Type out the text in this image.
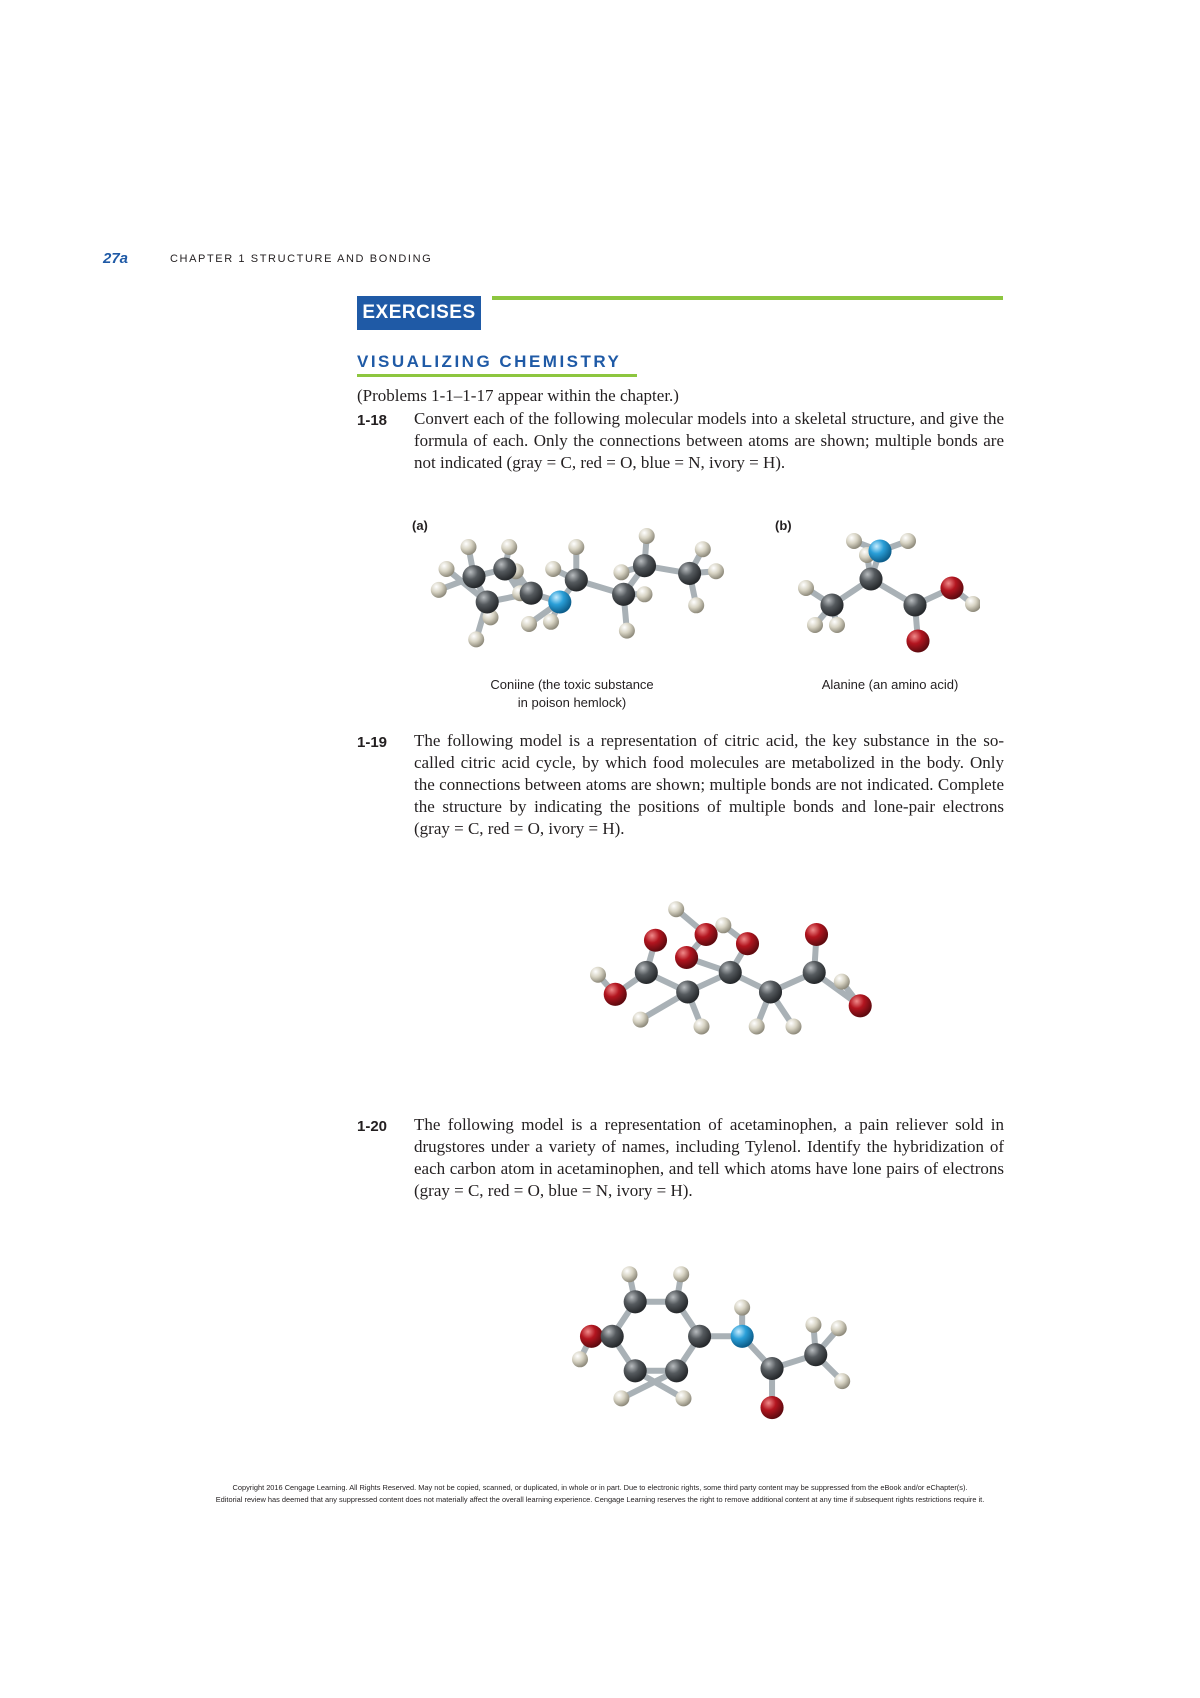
27a	CHAPTER 1 STRUCTURE AND BONDING
EXERCISES
VISUALIZING CHEMISTRY
(Problems 1-1–1-17 appear within the chapter.)
1-18 Convert each of the following molecular models into a skeletal structure, and give the formula of each. Only the connections between atoms are shown; multiple bonds are not indicated (gray = C, red = O, blue = N, ivory = H).

(a)	(b)
Coniine (the toxic substance
in poison hemlock)
Alanine (an amino acid)
1-19 The following model is a representation of citric acid, the key substance in the so-called citric acid cycle, by which food molecules are metabolized in the body. Only the connections between atoms are shown; multiple bonds are not indicated. Complete the structure by indicating the positions of multiple bonds and lone-pair electrons (gray = C, red = O, ivory = H).

1-20 The following model is a representation of acetaminophen, a pain reliever sold in drugstores under a variety of names, including Tylenol. Identify the hybridization of each carbon atom in acetaminophen, and tell which atoms have lone pairs of electrons (gray = C, red = O, blue = N, ivory = H).

Copyright 2016 Cengage Learning. All Rights Reserved. May not be copied, scanned, or duplicated, in whole or in part. Due to electronic rights, some third party content may be suppressed from the eBook and/or eChapter(s).
Editorial review has deemed that any suppressed content does not materially affect the overall learning experience. Cengage Learning reserves the right to remove additional content at any time if subsequent rights restrictions require it.
